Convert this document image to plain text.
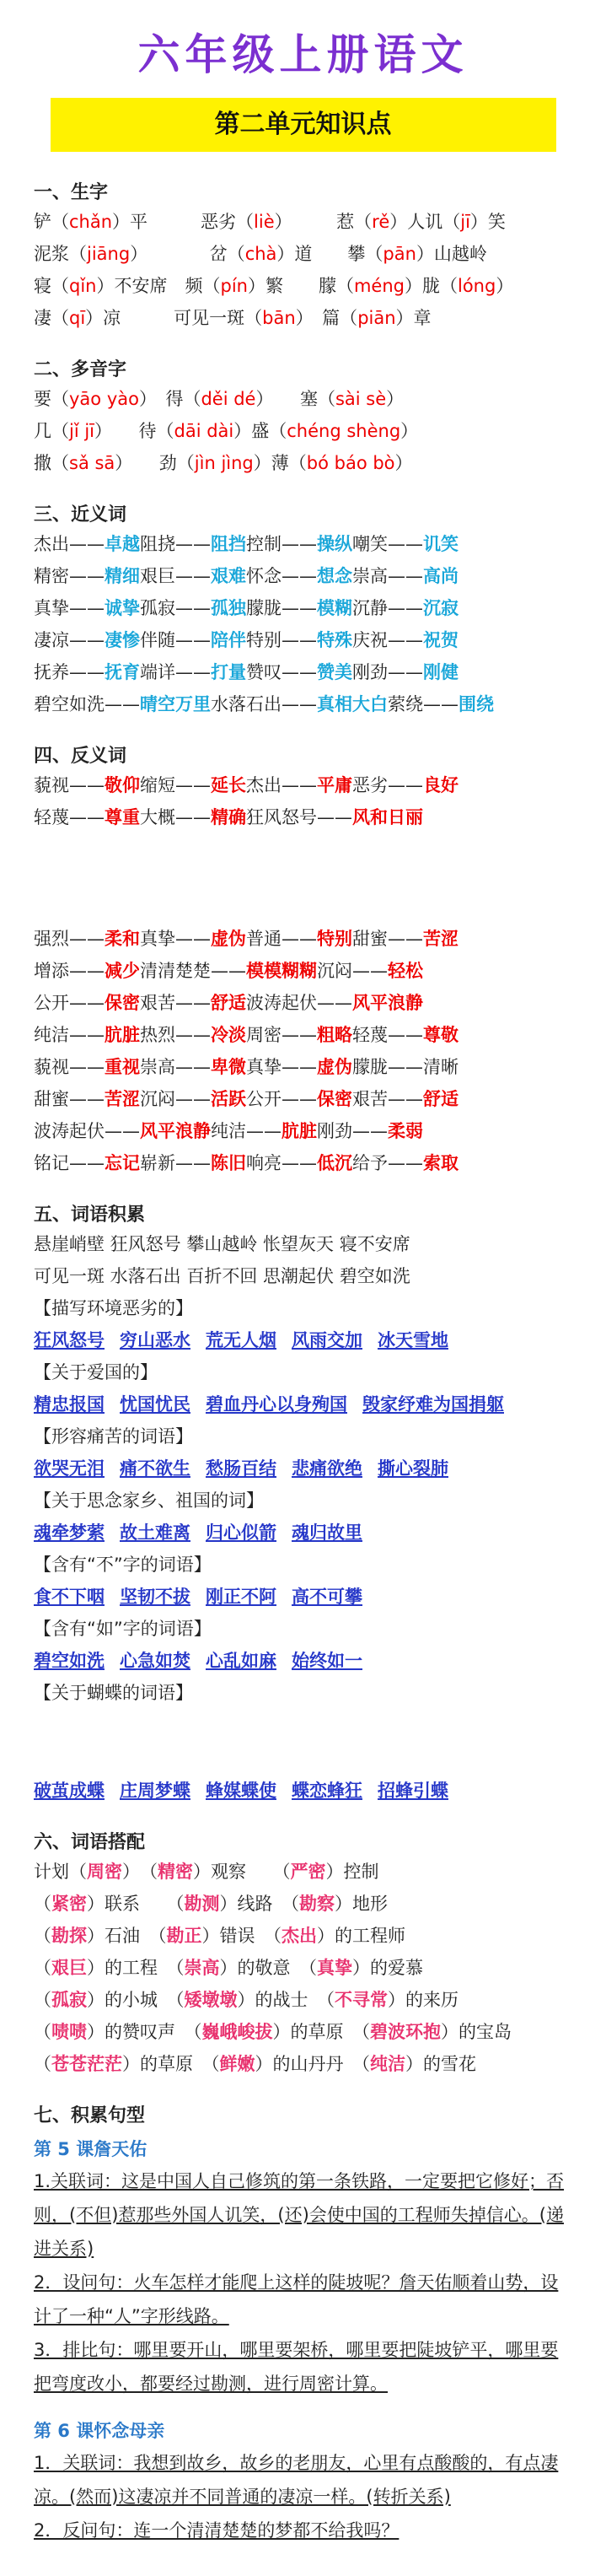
六年级上册语文
第二单元知识点
一、生字
铲（chǎn）平　　　恶劣（liè）　　　惹（rě）人讥（jī）笑
泥浆（jiāng）　　　　岔（chà）道　　攀（pān）山越岭
寝（qǐn）不安席　频（pín）繁　　朦（méng）胧（lóng）
凄（qī）凉　　　可见一斑（bān）　篇（piān）章
二、多音字
要（yāo yào）　得（děi dé）　　塞（sài sè）
几（jǐ jī）　　待（dāi dài）盛（chéng shèng）
撒（sǎ sā）　　劲（jìn jìng）薄（bó báo bò）
三、近义词
杰出——卓越阻挠——阻挡控制——操纵嘲笑——讥笑
精密——精细艰巨——艰难怀念——想念崇高——高尚
真挚——诚挚孤寂——孤独朦胧——模糊沉静——沉寂
凄凉——凄惨伴随——陪伴特别——特殊庆祝——祝贺
抚养——抚育端详——打量赞叹——赞美刚劲——刚健
碧空如洗——晴空万里水落石出——真相大白萦绕——围绕
四、反义词
藐视——敬仰缩短——延长杰出——平庸恶劣——良好
轻蔑——尊重大概——精确狂风怒号——风和日丽
强烈——柔和真挚——虚伪普通——特别甜蜜——苦涩
增添——减少清清楚楚——模模糊糊沉闷——轻松
公开——保密艰苦——舒适波涛起伏——风平浪静
纯洁——肮脏热烈——冷淡周密——粗略轻蔑——尊敬
藐视——重视崇高——卑微真挚——虚伪朦胧——清晰
甜蜜——苦涩沉闷——活跃公开——保密艰苦——舒适
波涛起伏——风平浪静纯洁——肮脏刚劲——柔弱
铭记——忘记崭新——陈旧响亮——低沉给予——索取
五、词语积累
悬崖峭壁 狂风怒号 攀山越岭 怅望灰天 寝不安席
可见一斑 水落石出 百折不回 思潮起伏 碧空如洗
【描写环境恶劣的】
狂风怒号 穷山恶水 荒无人烟 风雨交加 冰天雪地
【关于爱国的】
精忠报国 忧国忧民 碧血丹心以身殉国 毁家纾难为国捐躯
【形容痛苦的词语】
欲哭无泪 痛不欲生 愁肠百结 悲痛欲绝 撕心裂肺
【关于思念家乡、祖国的词】
魂牵梦萦 故土难离 归心似箭 魂归故里
【含有“不”字的词语】
食不下咽 坚韧不拔 刚正不阿 高不可攀
【含有“如”字的词语】
碧空如洗 心急如焚 心乱如麻 始终如一
【关于蝴蝶的词语】
破茧成蝶 庄周梦蝶 蜂媒蝶使 蝶恋蜂狂 招蜂引蝶
六、词语搭配
计划（周密）　（精密）观察　　（严密）控制
（紧密）联系　　（勘测）线路　（勘察）地形
（勘探）石油　（勘正）错误　（杰出）的工程师
（艰巨）的工程　（崇高）的敬意　（真挚）的爱慕
（孤寂）的小城　（矮墩墩）的战士　（不寻常）的来历
（啧啧）的赞叹声　（巍峨峻拔）的草原　（碧波环抱）的宝岛
（苍苍茫茫）的草原　（鲜嫩）的山丹丹　（纯洁）的雪花
七、积累句型
第 5 课詹天佑
1.关联词：这是中国人自己修筑的第一条铁路，一定要把它修好；否则，(不但)惹那些外国人讥笑，(还)会使中国的工程师失掉信心。(递进关系)
2．设问句：火车怎样才能爬上这样的陡坡呢？詹天佑顺着山势，设计了一种“人”字形线路。
3．排比句：哪里要开山，哪里要架桥，哪里要把陡坡铲平，哪里要把弯度改小，都要经过勘测，进行周密计算。
第 6 课怀念母亲
1．关联词：我想到故乡，故乡的老朋友，心里有点酸酸的，有点凄凉。(然而)这凄凉并不同普通的凄凉一样。(转折关系)
2．反问句：连一个清清楚楚的梦都不给我吗？
